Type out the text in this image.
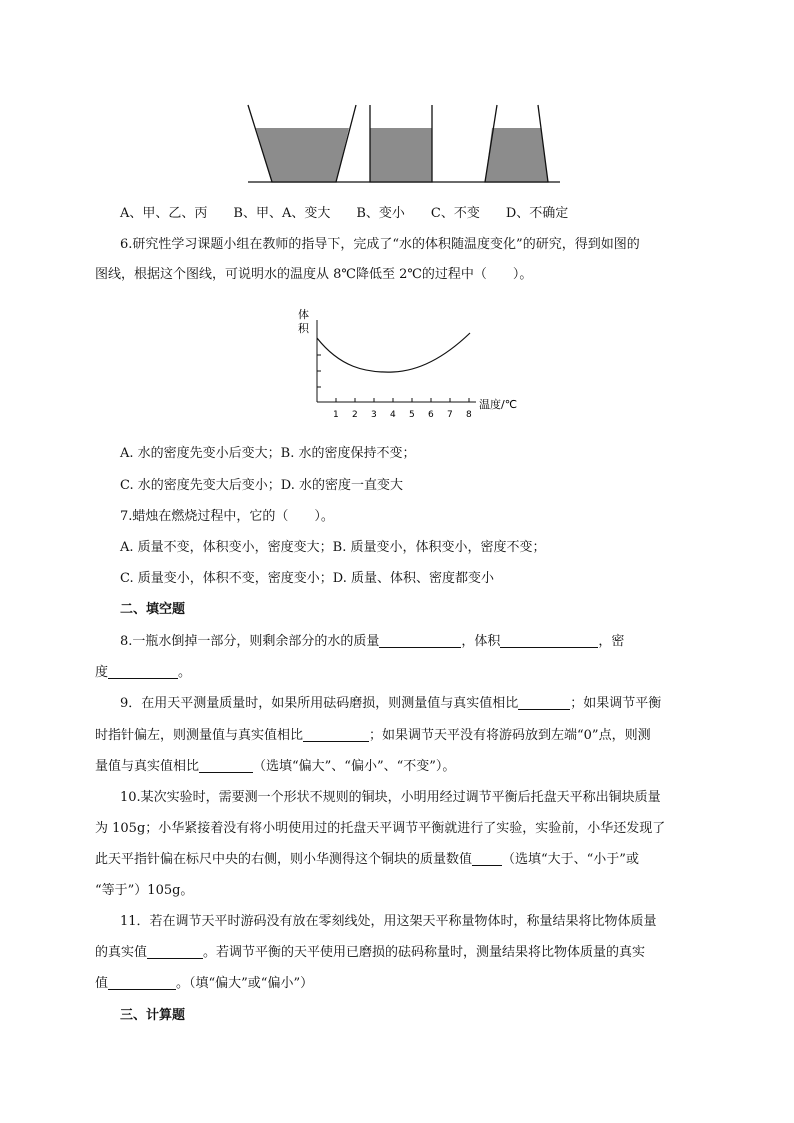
A、甲、乙、丙　　B、甲、A、变大　　B、变小　　C、不变　　D、不确定
6.研究性学习课题小组在教师的指导下，完成了“水的体积随温度变化”的研究，得到如图的
图线，根据这个图线，可说明水的温度从 8℃降低至 2℃的过程中（　　）。
体
积
1 2 3 4 5 6 7 8
温度/℃
A. 水的密度先变小后变大；B. 水的密度保持不变；
C. 水的密度先变大后变小；D. 水的密度一直变大
7.蜡烛在燃烧过程中，它的（　　）。
A. 质量不变，体积变小，密度变大；B. 质量变小，体积变小，密度不变；
C. 质量变小，体积不变，密度变小；D. 质量、体积、密度都变小
二、填空题
8.一瓶水倒掉一部分，则剩余部分的水的质量	，体积	，密
度	。
9．在用天平测量质量时，如果所用砝码磨损，则测量值与真实值相比	；如果调节平衡
时指针偏左，则测量值与真实值相比	；如果调节天平没有将游码放到左端“0”点，则测
量值与真实值相比	（选填“偏大”、“偏小”、“不变”）。
10.某次实验时，需要测一个形状不规则的铜块，小明用经过调节平衡后托盘天平称出铜块质量
为 105g；小华紧接着没有将小明使用过的托盘天平调节平衡就进行了实验，实验前，小华还发现了
此天平指针偏在标尺中央的右侧，则小华测得这个铜块的质量数值 （选填“大于、“小于”或
“等于”）105g。
11．若在调节天平时游码没有放在零刻线处，用这架天平称量物体时，称量结果将比物体质量
的真实值	。若调节平衡的天平使用已磨损的砝码称量时，测量结果将比物体质量的真实
值	。（填“偏大”或“偏小”）
三、计算题
